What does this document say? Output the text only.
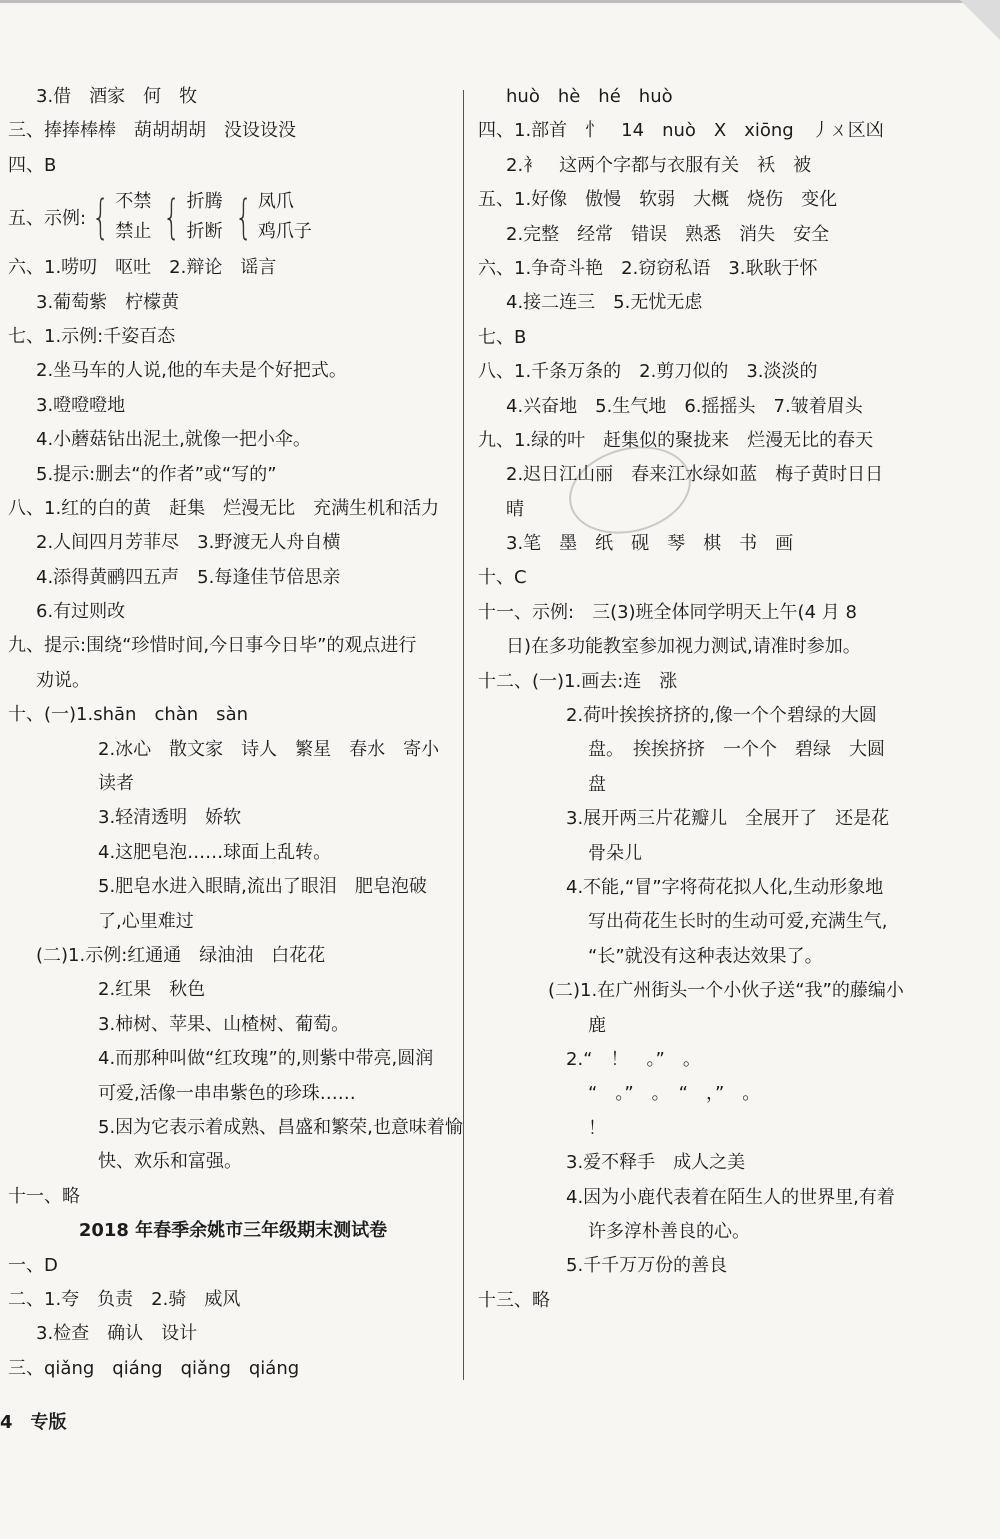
3.借　酒家　何　牧
三、捧捧棒棒　葫胡胡胡　没设设没
四、B
五、示例: { 不禁
禁止 { 折腾
折断 { 凤爪
鸡爪子
六、1.唠叨　呕吐　2.辩论　谣言
3.葡萄紫　柠檬黄
七、1.示例:千姿百态
2.坐马车的人说,他的车夫是个好把式。
3.噔噔噔地
4.小蘑菇钻出泥土,就像一把小伞。
5.提示:删去“的作者”或“写的”
八、1.红的白的黄　赶集　烂漫无比　充满生机和活力
2.人间四月芳菲尽　3.野渡无人舟自横
4.添得黄鹂四五声　5.每逢佳节倍思亲
6.有过则改
九、提示:围绕“珍惜时间,今日事今日毕”的观点进行
劝说。
十、(一)1.shān　chàn　sàn
2.冰心　散文家　诗人　繁星　春水　寄小
读者
3.轻清透明　娇软
4.这肥皂泡……球面上乱转。
5.肥皂水进入眼睛,流出了眼泪　肥皂泡破
了,心里难过
(二)1.示例:红通通　绿油油　白花花
2.红果　秋色
3.柿树、苹果、山楂树、葡萄。
4.而那种叫做“红玫瑰”的,则紫中带亮,圆润
可爱,活像一串串紫色的珍珠……
5.因为它表示着成熟、昌盛和繁荣,也意味着愉
快、欢乐和富强。
十一、略
2018 年春季余姚市三年级期末测试卷
一、D
二、1.夸　负责　2.骑　威风
3.检查　确认　设计
三、qiǎng　qiáng　qiǎng　qiáng
huò　hè　hé　huò
四、1.部首　忄　14　nuò　X　xiōng　丿ㄨ区凶
2.衤　这两个字都与衣服有关　袄　被
五、1.好像　傲慢　软弱　大概　烧伤　变化
2.完整　经常　错误　熟悉　消失　安全
六、1.争奇斗艳　2.窃窃私语　3.耿耿于怀
4.接二连三　5.无忧无虑
七、B
八、1.千条万条的　2.剪刀似的　3.淡淡的
4.兴奋地　5.生气地　6.摇摇头　7.皱着眉头
九、1.绿的叶　赶集似的聚拢来　烂漫无比的春天
2.迟日江山丽　春来江水绿如蓝　梅子黄时日日
晴
3.笔　墨　纸　砚　琴　棋　书　画
十、C
十一、示例:　三(3)班全体同学明天上午(4 月 8
日)在多功能教室参加视力测试,请准时参加。
十二、(一)1.画去:连　涨
2.荷叶挨挨挤挤的,像一个个碧绿的大圆
盘。　挨挨挤挤　一个个　碧绿　大圆
盘
3.展开两三片花瓣儿　全展开了　还是花
骨朵儿
4.不能,“冒”字将荷花拟人化,生动形象地
写出荷花生长时的生动可爱,充满生气,
“长”就没有这种表达效果了。
(二)1.在广州街头一个小伙子送“我”的藤编小
鹿
2.“　！　。”　。
“　。”　。　“　，”　。
！
3.爱不释手　成人之美
4.因为小鹿代表着在陌生人的世界里,有着
许多淳朴善良的心。
5.千千万万份的善良
十三、略
4　专版
